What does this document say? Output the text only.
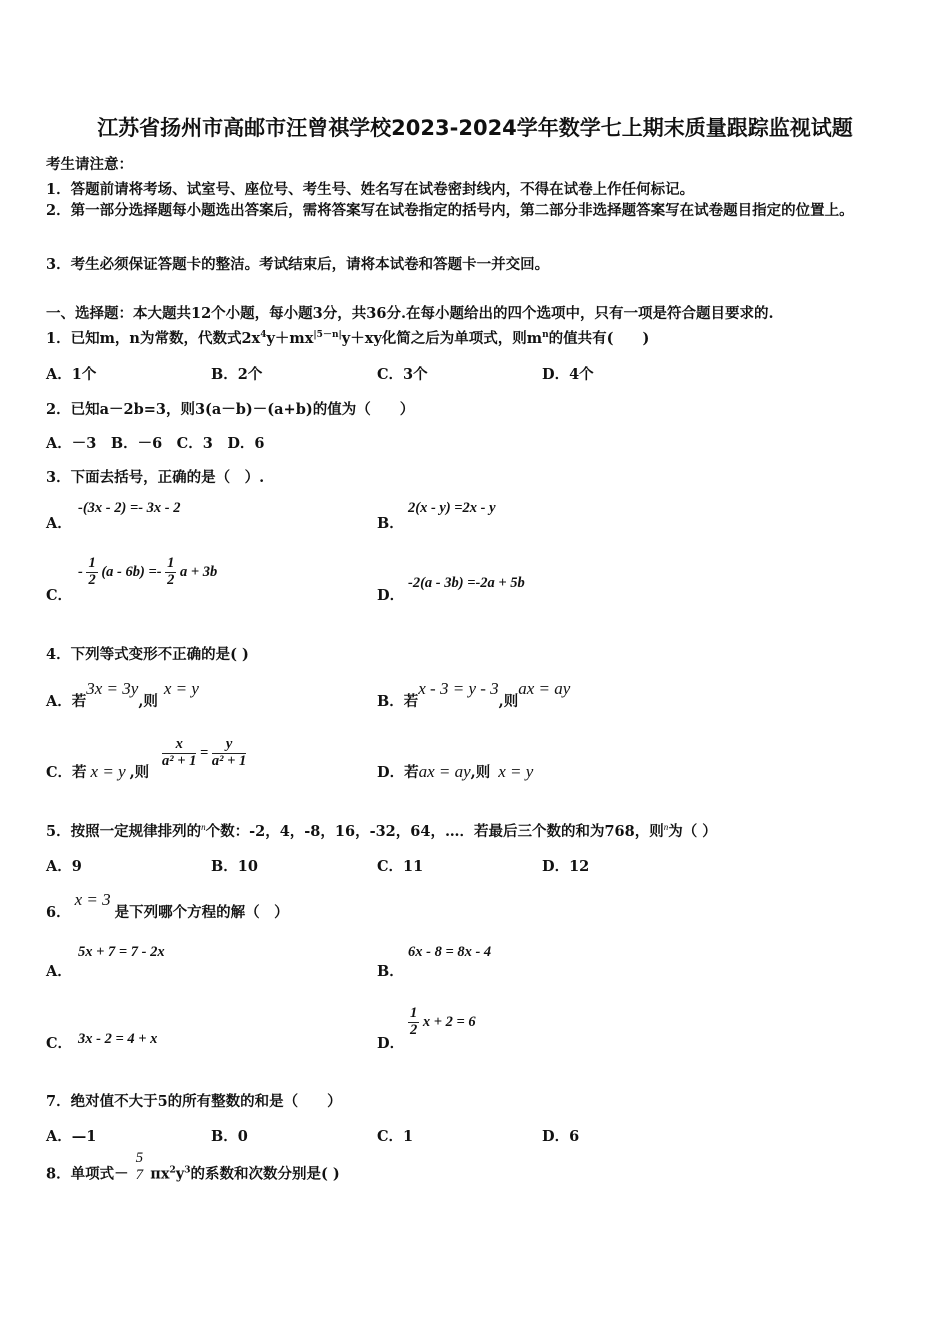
江苏省扬州市高邮市汪曾祺学校2023-2024学年数学七上期末质量跟踪监视试题
考生请注意：
1．答题前请将考场、试室号、座位号、考生号、姓名写在试卷密封线内，不得在试卷上作任何标记。
2．第一部分选择题每小题选出答案后，需将答案写在试卷指定的括号内，第二部分非选择题答案写在试卷题目指定的位置上。
3．考生必须保证答题卡的整洁。考试结束后，请将本试卷和答题卡一并交回。
一、选择题：本大题共12个小题，每小题3分，共36分.在每小题给出的四个选项中，只有一项是符合题目要求的.
1．已知m，n为常数，代数式$2x^4y+mx^{|5-n|}y+xy$化简之后为单项式，则$m^n$的值共有(　　)
A．1个	B．2个	C．3个	D．4个
2．已知a－2b=3，则3(a－b)－(a+b)的值为（　　）
A．－3　B．－6　C．3　D．6
3．下面去括号，正确的是（　）.
A．
-(3x - 2) =- 3x - 2
B．
2(x - y) =2x - y
C．
- $\frac{1}{2} (a - 6b) =- \frac{1}{2}$ a + 3b
D．
-2(a - 3b) =-2a + 5b
4．下列等式变形不正确的是( )
A．若3x = 3y,则x = y
B．若x - 3 = y - 3,则ax = ay
C．若 x = y ,则
$\frac{x}{\text{a² + 1}} = \frac{y}{\text{a² + 1}}$
D．若ax = ay,则 x = y
5．按照一定规律排列的$^n$个数：-2，4，-8，16，-32，64，…．若最后三个数的和为768，则$^n$为（ ）
A．9	B．10	C．11	D．12
6．x = 3是下列哪个方程的解（　）
A．
5x + 7 = 7 - 2x
B．
6x - 8 = 8x - 4
C． 3x - 2 = 4 + x	D．
$\frac{1}{2}$ x + 2 = 6
7．绝对值不大于5的所有整数的和是（　　）
A．—1	B．0	C．1	D．6
8．单项式－
5
7 $\pi x^2y^3$的系数和次数分别是( )
